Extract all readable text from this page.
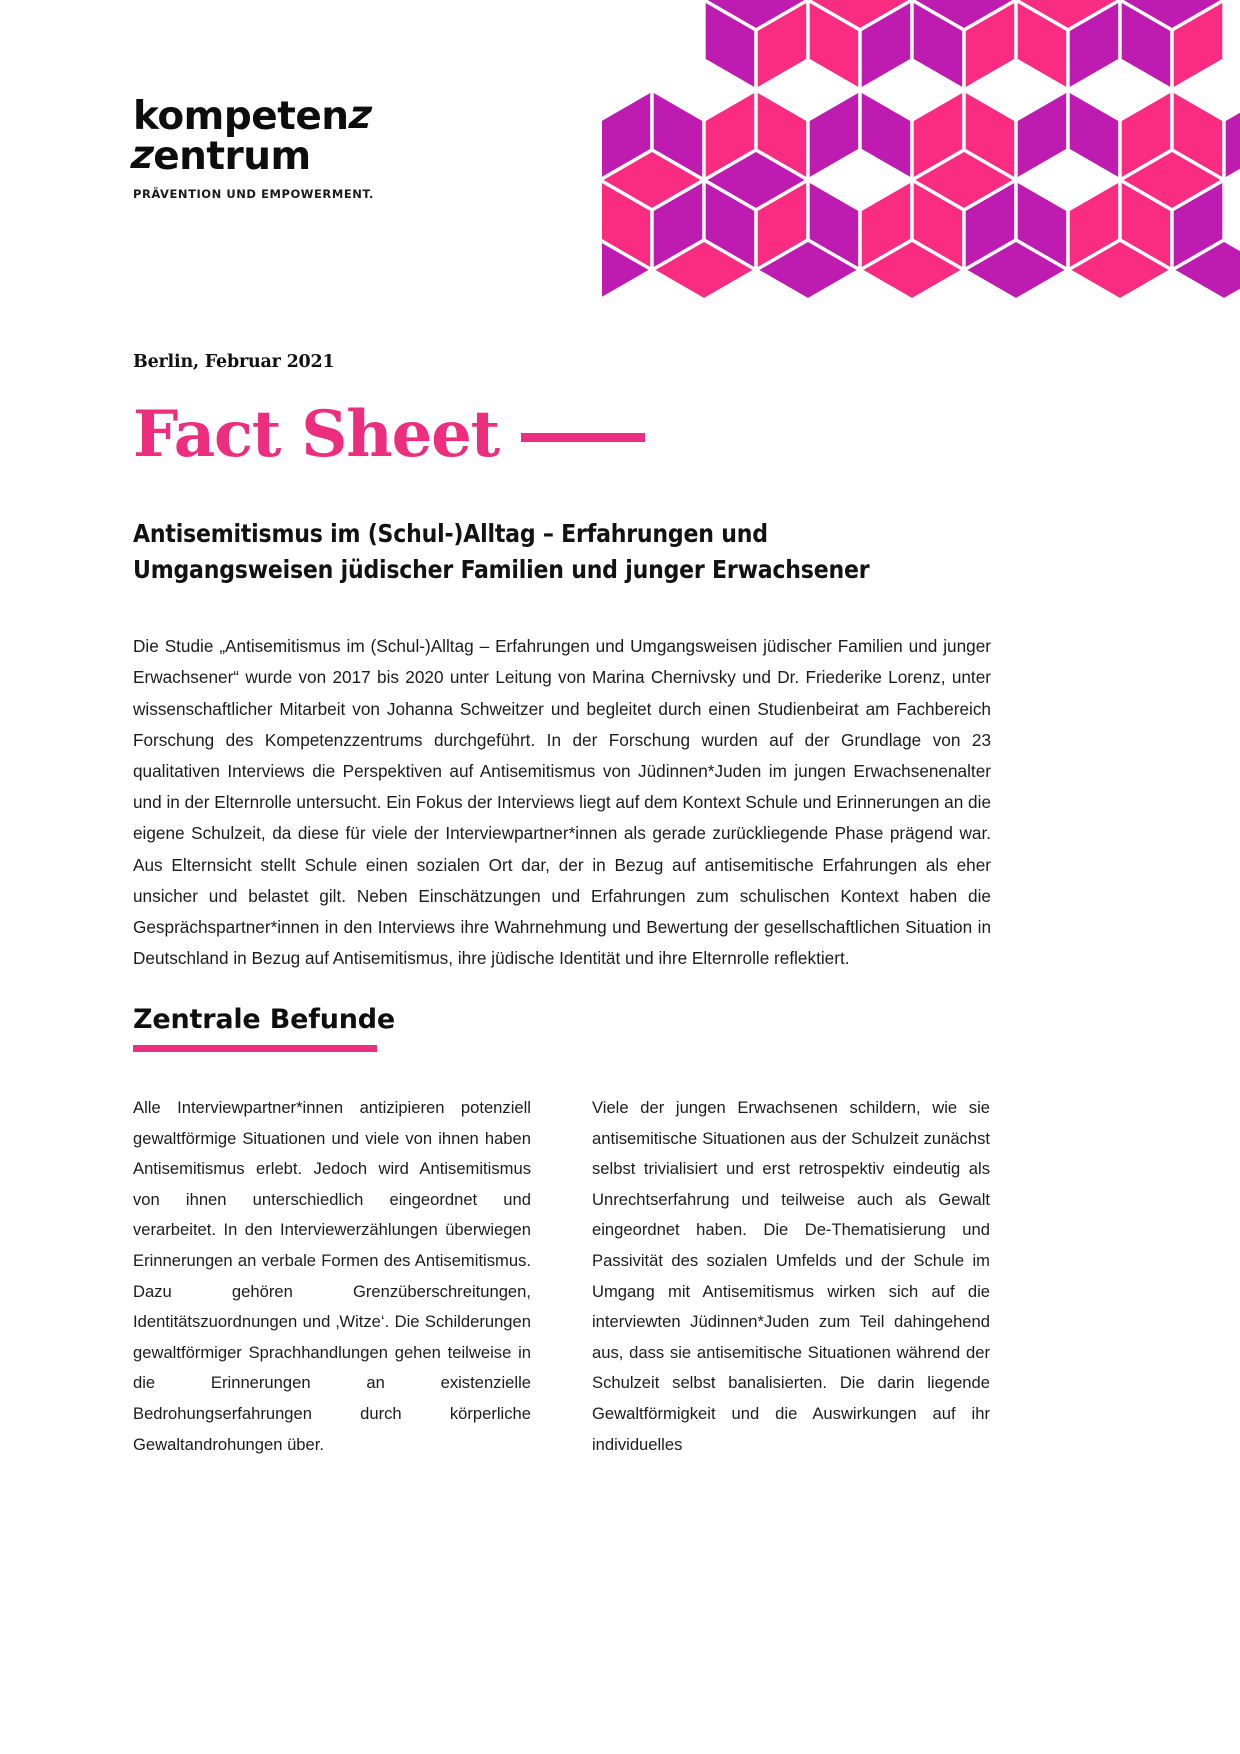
kompetenz
zentrum
PRÄVENTION UND EMPOWERMENT.
Berlin, Februar 2021
Fact Sheet
Antisemitismus im (Schul-)Alltag – Erfahrungen und
Umgangsweisen jüdischer Familien und junger Erwachsener

Die Studie „Antisemitismus im (Schul-)Alltag – Erfahrungen und Umgangsweisen jüdischer Familien und junger Erwachsener“ wurde von 2017 bis 2020 unter Leitung von Marina Chernivsky und Dr. Friederike Lorenz, unter wissenschaftlicher Mitarbeit von Johanna Schweitzer und begleitet durch einen Studienbeirat am Fachbereich Forschung des Kompetenzzentrums durchgeführt. In der Forschung wurden auf der Grundlage von 23 qualitativen Interviews die Perspektiven auf Antisemitismus von Jüdinnen*Juden im jungen Erwachsenenalter und in der Elternrolle untersucht. Ein Fokus der Interviews liegt auf dem Kontext Schule und Erinnerungen an die eigene Schulzeit, da diese für viele der Interviewpartner*innen als gerade zurückliegende Phase prägend war. Aus Elternsicht stellt Schule einen sozialen Ort dar, der in Bezug auf antisemitische Erfahrungen als eher unsicher und belastet gilt. Neben Einschätzungen und Erfahrungen zum schulischen Kontext haben die Gesprächspartner*innen in den Interviews ihre Wahrnehmung und Bewertung der gesellschaftlichen Situation in Deutschland in Bezug auf Antisemitismus, ihre jüdische Identität und ihre Elternrolle reflektiert.

Zentrale Befunde
Alle Interviewpartner*innen antizipieren potenziell gewaltförmige Situationen und viele von ihnen haben Antisemitismus erlebt. Jedoch wird Antisemitismus von ihnen unterschiedlich eingeordnet und verarbeitet. In den Interviewerzählungen überwiegen Erinnerungen an verbale Formen des Antisemitismus. Dazu gehören Grenzüberschreitungen, Identitätszuordnungen und ‚Witze‘. Die Schilderungen gewaltförmiger Sprachhandlungen gehen teilweise in die Erinnerungen an existenzielle Bedrohungserfahrungen durch körperliche Gewaltandrohungen über.
Viele der jungen Erwachsenen schildern, wie sie antisemitische Situationen aus der Schulzeit zunächst selbst trivialisiert und erst retrospektiv eindeutig als Unrechtserfahrung und teilweise auch als Gewalt eingeordnet haben. Die De-Thematisierung und Passivität des sozialen Umfelds und der Schule im Umgang mit Antisemitismus wirken sich auf die interviewten Jüdinnen*Juden zum Teil dahingehend aus, dass sie antisemitische Situationen während der Schulzeit selbst banalisierten. Die darin liegende Gewaltförmigkeit und die Auswirkungen auf ihr individuelles
